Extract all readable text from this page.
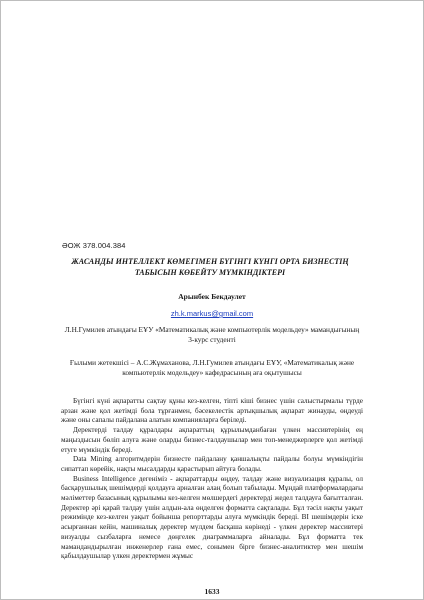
ӘОЖ 378.004.384
ЖАСАНДЫ ИНТЕЛЛЕКТ КӨМЕГІМЕН БҮГІНГІ КҮНГІ ОРТА БИЗНЕСТІҢ ТАБЫСЫН КӨБЕЙТУ МҮМКІНДІКТЕРІ
Арынбек Бекдаулет
zh.k.markus@gmail.com
Л.Н.Гумилев атындағы ЕҰУ «Математикалық және компьютерлік модельдеу» мамандығының 3-курс студенті
Ғылыми жетекшісі – А.С.Жұмаханова, Л.Н.Гумилев атындағы ЕҰУ, «Математикалық және компьютерлік модельдеу» кафедрасының аға оқытушысы

Бүгінгі күні ақпаратты сақтау құны кез-келген, тіпті кіші бизнес үшін салыстырмалы түрде арзан және қол жетімді бола тұрғанмен, бәсекелестік артықшылық ақпарат жинауды, өңдеуді және оны сапалы пайдалана алатын компанияларға беріледі.

Деректерді талдау құралдары ақпараттың құрылымданбаған үлкен массивтерінің ең маңыздысын бөліп алуға және оларды бизнес-талдаушылар мен топ-менеджерлерге қол жетімді етуге мүмкіндік береді.

Data Mining алгоритмдерін бизнесте пайдалану қаншалықты пайдалы болуы мүмкіндігін сипаттап көрейік, нақты мысалдарды қарастырып айтуға болады.

Business Intelligence дегеніміз - ақпараттарды өңдеу, талдау және визуализация құралы, ол басқарушылық шешімдерді қолдауға арналған алаң болып табылады. Мұндай платформалардағы мәліметтер базасының құрылымы кез-келген мөлшердегі деректерді жедел талдауға бағытталған. Деректер әрі қарай талдау үшін алдын-ала өңделген форматта сақталады. Бұл тәсіл нақты уақыт режимінде кез-келген уақыт бойынша репорттарды алуға мүмкіндік береді. BI шешімдерін іске асырғаннан кейін, машиналық деректер мүлдем басқаша көрінеді - үлкен деректер массивтері визуалды сызбаларға немесе дөңгелек диаграммаларға айналады. Бұл форматта тек мамандандырылған инженерлер ғана емес, сонымен бірге бизнес-аналитиктер мен шешім қабылдаушылар үлкен деректермен жұмыс

1633
